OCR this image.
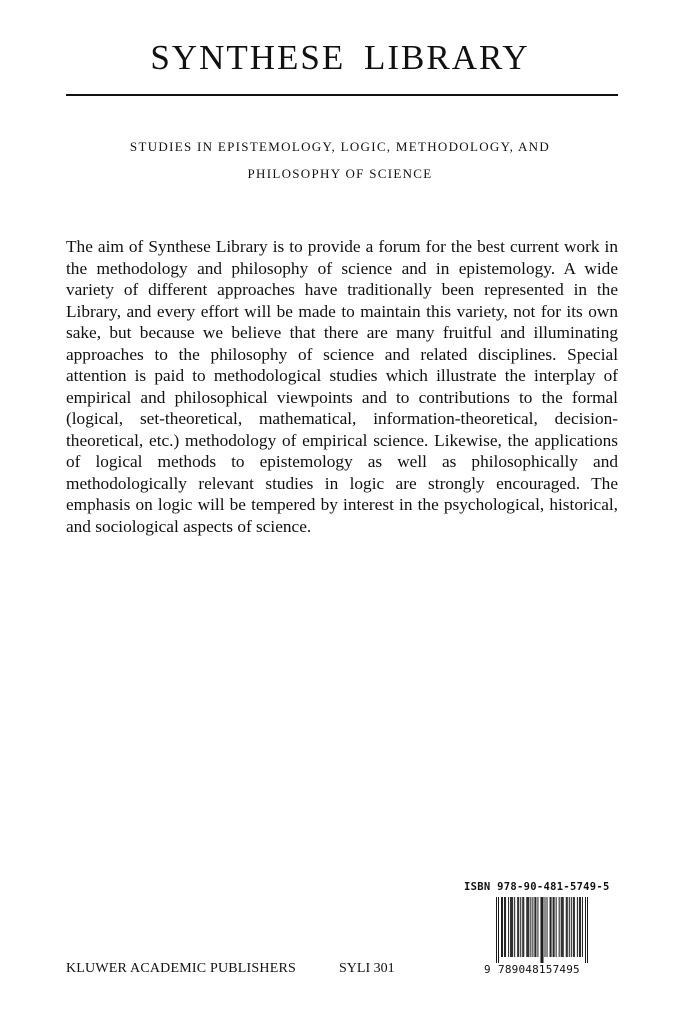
SYNTHESE LIBRARY
STUDIES IN EPISTEMOLOGY, LOGIC, METHODOLOGY, AND
PHILOSOPHY OF SCIENCE

The aim of Synthese Library is to provide a forum for the best current work in the methodology and philosophy of science and in epistemology. A wide variety of different approaches have traditionally been represented in the Library, and every effort will be made to maintain this variety, not for its own sake, but because we believe that there are many fruitful and illuminating approaches to the philosophy of science and related disciplines. Special attention is paid to methodological studies which illustrate the interplay of empirical and philosophical viewpoints and to contributions to the formal (logical, set-theoretical, mathematical, information-theoretical, decision-theoretical, etc.) methodology of empirical science. Likewise, the applications of logical methods to epistemology as well as philosophically and methodologically relevant studies in logic are strongly encouraged. The emphasis on logic will be tempered by interest in the psychological, historical, and sociological aspects of science.

KLUWER ACADEMIC PUBLISHERS	SYLI 301
ISBN 978-90-481-5749-5
9 789048157495
